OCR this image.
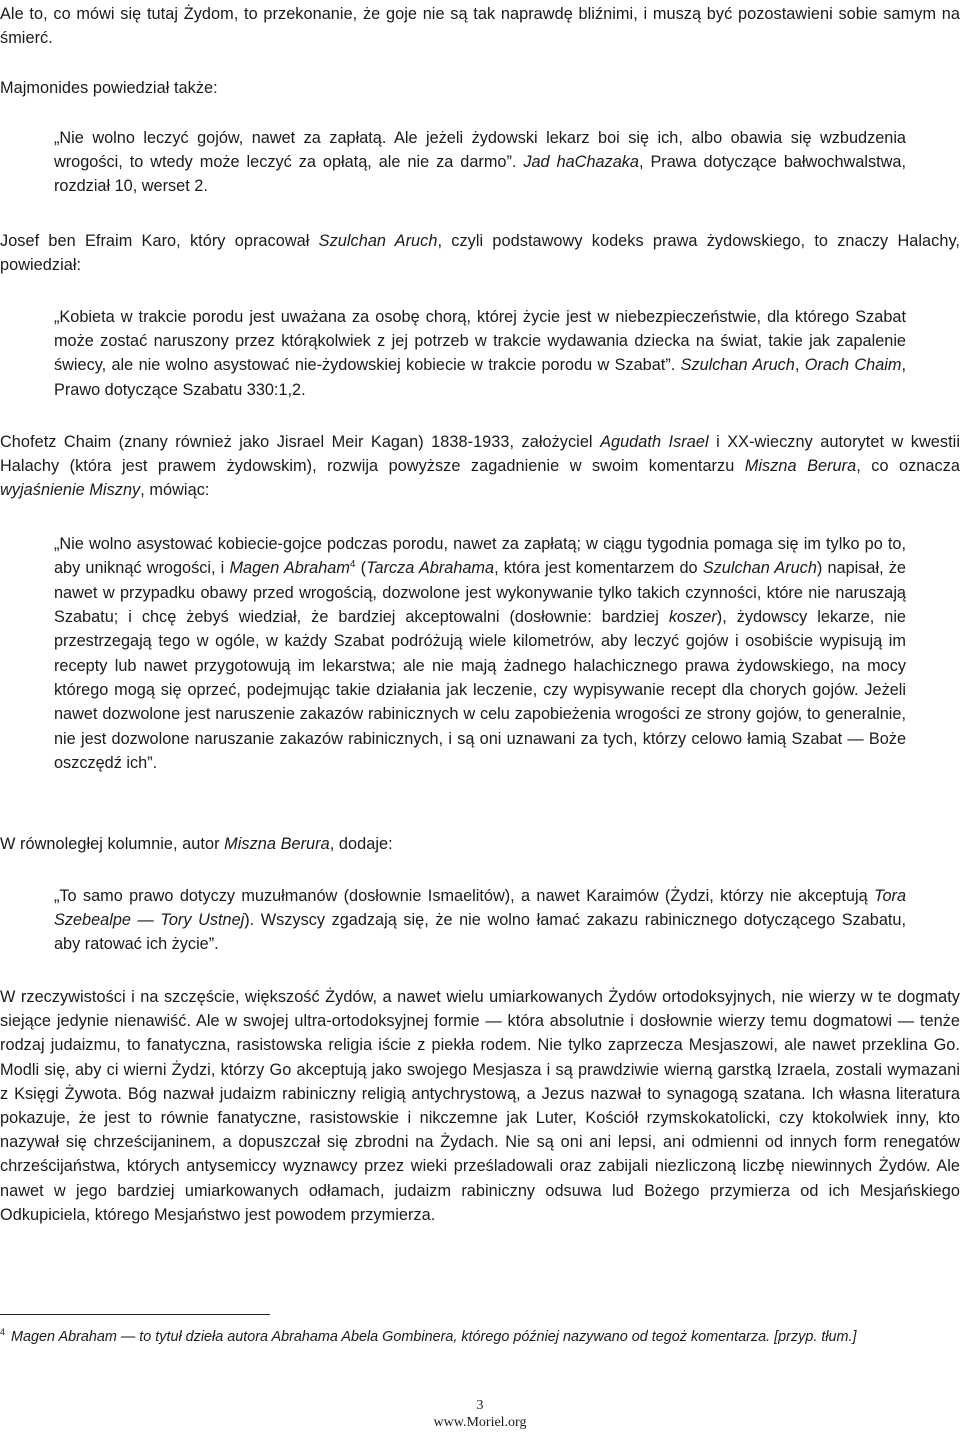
Ale to, co mówi się tutaj Żydom, to przekonanie, że goje nie są tak naprawdę bliźnimi, i muszą być pozostawieni sobie samym na śmierć.

Majmonides powiedział także:

„Nie wolno leczyć gojów, nawet za zapłatą. Ale jeżeli żydowski lekarz boi się ich, albo obawia się wzbudzenia wrogości, to wtedy może leczyć za opłatą, ale nie za darmo”. Jad haChazaka, Prawa dotyczące bałwochwalstwa, rozdział 10, werset 2.

Josef ben Efraim Karo, który opracował Szulchan Aruch, czyli podstawowy kodeks prawa żydowskiego, to znaczy Halachy, powiedział:

„Kobieta w trakcie porodu jest uważana za osobę chorą, której życie jest w niebezpieczeństwie, dla którego Szabat może zostać naruszony przez którąkolwiek z jej potrzeb w trakcie wydawania dziecka na świat, takie jak zapalenie świecy, ale nie wolno asystować nie-żydowskiej kobiecie w trakcie porodu w Szabat”. Szulchan Aruch, Orach Chaim, Prawo dotyczące Szabatu 330:1,2.

Chofetz Chaim (znany również jako Jisrael Meir Kagan) 1838-1933, założyciel Agudath Israel i XX-wieczny autorytet w kwestii Halachy (która jest prawem żydowskim), rozwija powyższe zagadnienie w swoim komentarzu Miszna Berura, co oznacza wyjaśnienie Miszny, mówiąc:

„Nie wolno asystować kobiecie-gojce podczas porodu, nawet za zapłatą; w ciągu tygodnia pomaga się im tylko po to, aby uniknąć wrogości, i Magen Abraham$^4$ (Tarcza Abrahama, która jest komentarzem do Szulchan Aruch) napisał, że nawet w przypadku obawy przed wrogością, dozwolone jest wykonywanie tylko takich czynności, które nie naruszają Szabatu; i chcę żebyś wiedział, że bardziej akceptowalni (dosłownie: bardziej koszer), żydowscy lekarze, nie przestrzegają tego w ogóle, w każdy Szabat podróżują wiele kilometrów, aby leczyć gojów i osobiście wypisują im recepty lub nawet przygotowują im lekarstwa; ale nie mają żadnego halachicznego prawa żydowskiego, na mocy którego mogą się oprzeć, podejmując takie działania jak leczenie, czy wypisywanie recept dla chorych gojów. Jeżeli nawet dozwolone jest naruszenie zakazów rabinicznych w celu zapobieżenia wrogości ze strony gojów, to generalnie, nie jest dozwolone naruszanie zakazów rabinicznych, i są oni uznawani za tych, którzy celowo łamią Szabat ― Boże oszczędź ich”.

W równoległej kolumnie, autor Miszna Berura, dodaje:

„To samo prawo dotyczy muzułmanów (dosłownie Ismaelitów), a nawet Karaimów (Żydzi, którzy nie akceptują Tora Szebealpe ― Tory Ustnej). Wszyscy zgadzają się, że nie wolno łamać zakazu rabinicznego dotyczącego Szabatu, aby ratować ich życie”.

W rzeczywistości i na szczęście, większość Żydów, a nawet wielu umiarkowanych Żydów ortodoksyjnych, nie wierzy w te dogmaty siejące jedynie nienawiść. Ale w swojej ultra-ortodoksyjnej formie ― która absolutnie i dosłownie wierzy temu dogmatowi ― tenże rodzaj judaizmu, to fanatyczna, rasistowska religia iście z piekła rodem. Nie tylko zaprzecza Mesjaszowi, ale nawet przeklina Go. Modli się, aby ci wierni Żydzi, którzy Go akceptują jako swojego Mesjasza i są prawdziwie wierną garstką Izraela, zostali wymazani z Księgi Żywota. Bóg nazwał judaizm rabiniczny religią antychrystową, a Jezus nazwał to synagogą szatana. Ich własna literatura pokazuje, że jest to równie fanatyczne, rasistowskie i nikczemne jak Luter, Kościół rzymskokatolicki, czy ktokolwiek inny, kto nazywał się chrześcijaninem, a dopuszczał się zbrodni na Żydach. Nie są oni ani lepsi, ani odmienni od innych form renegatów chrześcijaństwa, których antysemiccy wyznawcy przez wieki prześladowali oraz zabijali niezliczoną liczbę niewinnych Żydów. Ale nawet w jego bardziej umiarkowanych odłamach, judaizm rabiniczny odsuwa lud Bożego przymierza od ich Mesjańskiego Odkupiciela, którego Mesjaństwo jest powodem przymierza.

$^4$ Magen Abraham ― to tytuł dzieła autora Abrahama Abela Gombinera, którego później nazywano od tegoż komentarza. [przyp. tłum.]

3
www.Moriel.org
